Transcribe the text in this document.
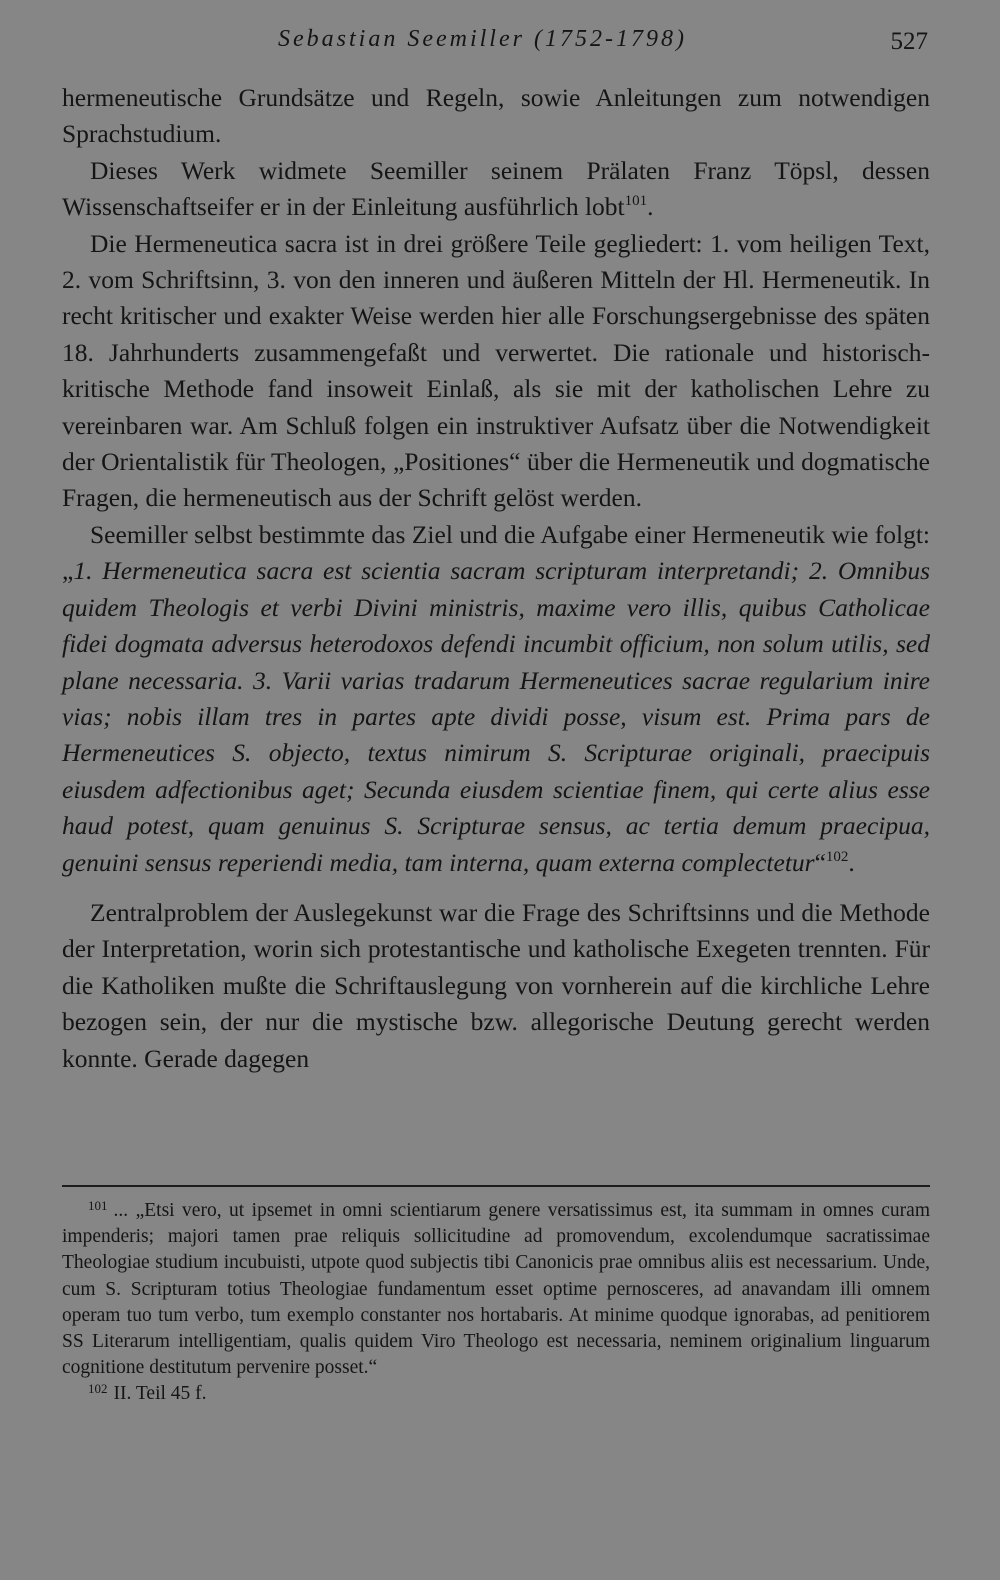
Sebastian Seemiller (1752-1798)	527

hermeneutische Grundsätze und Regeln, sowie Anleitungen zum notwendigen Sprachstudium.

Dieses Werk widmete Seemiller seinem Prälaten Franz Töpsl, dessen Wissenschaftseifer er in der Einleitung ausführlich lobt$^{101}$.

Die Hermeneutica sacra ist in drei größere Teile gegliedert: 1. vom heiligen Text, 2. vom Schriftsinn, 3. von den inneren und äußeren Mitteln der Hl. Hermeneutik. In recht kritischer und exakter Weise werden hier alle Forschungsergebnisse des späten 18. Jahrhunderts zusammengefaßt und verwertet. Die rationale und historisch-kritische Methode fand insoweit Einlaß, als sie mit der katholischen Lehre zu vereinbaren war. Am Schluß folgen ein instruktiver Aufsatz über die Notwendigkeit der Orientalistik für Theologen, „Positiones“ über die Hermeneutik und dogmatische Fragen, die hermeneutisch aus der Schrift gelöst werden.

Seemiller selbst bestimmte das Ziel und die Aufgabe einer Hermeneutik wie folgt: „1. Hermeneutica sacra est scientia sacram scripturam interpretandi; 2. Omnibus quidem Theologis et verbi Divini ministris, maxime vero illis, quibus Catholicae fidei dogmata adversus heterodoxos defendi incumbit officium, non solum utilis, sed plane necessaria. 3. Varii varias tradarum Hermeneutices sacrae regularium inire vias; nobis illam tres in partes apte dividi posse, visum est. Prima pars de Hermeneutices S. objecto, textus nimirum S. Scripturae originali, praecipuis eiusdem adfectionibus aget; Secunda eiusdem scientiae finem, qui certe alius esse haud potest, quam genuinus S. Scripturae sensus, ac tertia demum praecipua, genuini sensus reperiendi media, tam interna, quam externa complectetur“$^{102}$.

Zentralproblem der Auslegekunst war die Frage des Schriftsinns und die Methode der Interpretation, worin sich protestantische und katholische Exegeten trennten. Für die Katholiken mußte die Schriftauslegung von vornherein auf die kirchliche Lehre bezogen sein, der nur die mystische bzw. allegorische Deutung gerecht werden konnte. Gerade dagegen

$^{101}$ ... „Etsi vero, ut ipsemet in omni scientiarum genere versatissimus est, ita summam in omnes curam impenderis; majori tamen prae reliquis sollicitudine ad promovendum, excolendumque sacratissimae Theologiae studium incubuisti, utpote quod subjectis tibi Canonicis prae omnibus aliis est necessarium. Unde, cum S. Scripturam totius Theologiae fundamentum esset optime pernosceres, ad anavandam illi omnem operam tuo tum verbo, tum exemplo constanter nos hortabaris. At minime quodque ignorabas, ad penitiorem SS Literarum intelligentiam, qualis quidem Viro Theologo est necessaria, neminem originalium linguarum cognitione destitutum pervenire posset.“

$^{102}$ II. Teil 45 f.
